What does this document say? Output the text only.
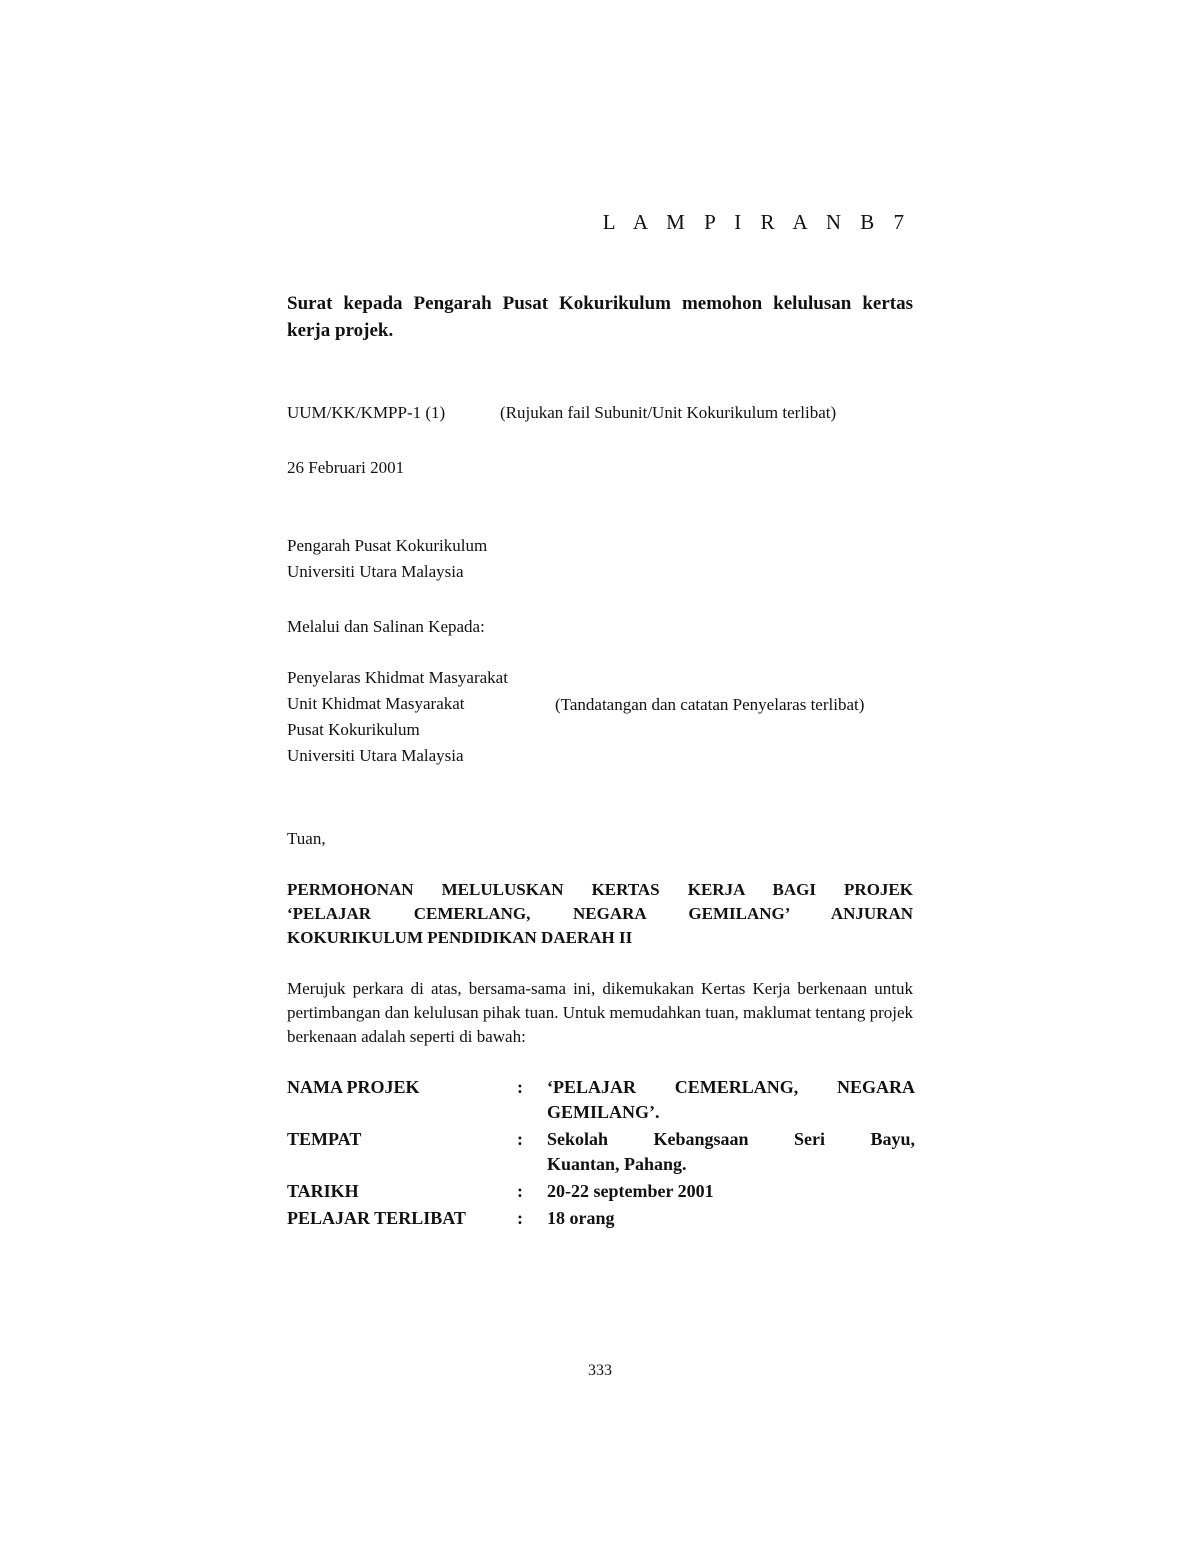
L A M P I R A N B 7

Surat kepada Pengarah Pusat Kokurikulum memohon kelulusan kertas kerja projek.

UUM/KK/KMPP-1 (1)	(Rujukan fail Subunit/Unit Kokurikulum terlibat)
26 Februari 2001
Pengarah Pusat Kokurikulum
Universiti Utara Malaysia
Melalui dan Salinan Kepada:
Penyelaras Khidmat Masyarakat
Unit Khidmat Masyarakat
Pusat Kokurikulum
Universiti Utara Malaysia
(Tandatangan dan catatan Penyelaras terlibat)
Tuan,
PERMOHONAN MELULUSKAN KERTAS KERJA BAGI PROJEK
‘PELAJAR CEMERLANG, NEGARA GEMILANG’ ANJURAN
KOKURIKULUM PENDIDIKAN DAERAH II

Merujuk perkara di atas, bersama-sama ini, dikemukakan Kertas Kerja berkenaan untuk pertimbangan dan kelulusan pihak tuan. Untuk memudahkan tuan, maklumat tentang projek berkenaan adalah seperti di bawah:

NAMA PROJEK	:	‘PELAJAR CEMERLANG, NEGARA
GEMILANG’.
TEMPAT	:	Sekolah Kebangsaan Seri Bayu,
Kuantan, Pahang.
TARIKH	:	20-22 september 2001
PELAJAR TERLIBAT	:	18 orang
333
